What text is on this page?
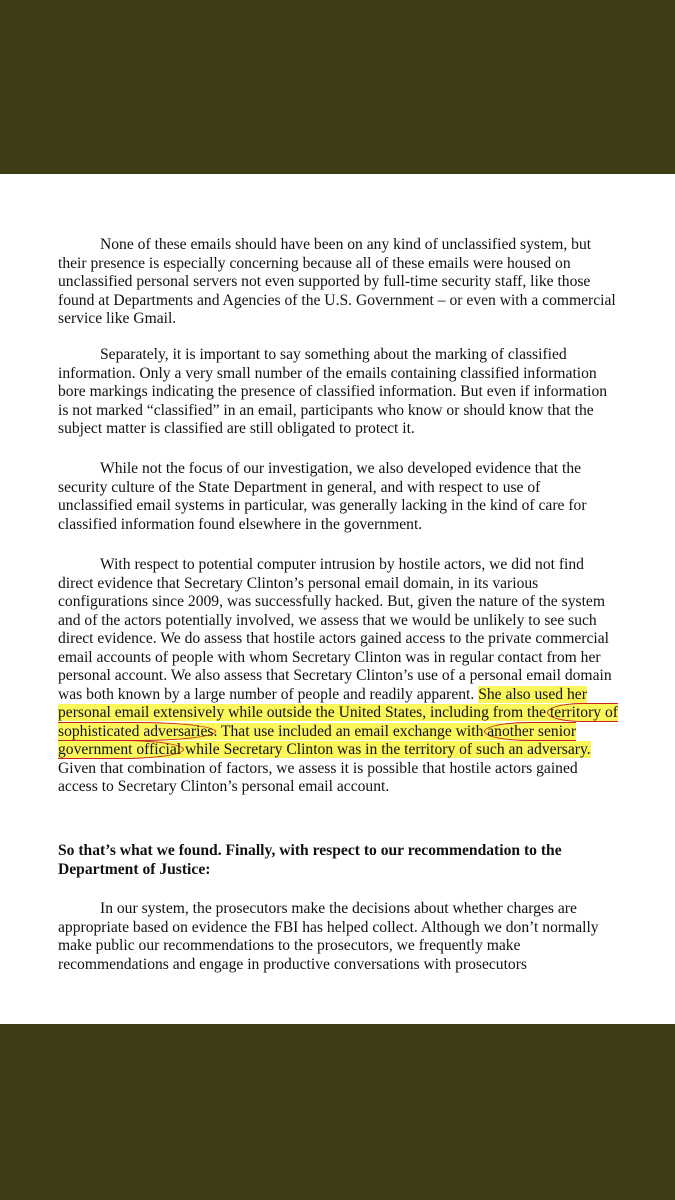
None of these emails should have been on any kind of unclassified system, but their presence is especially concerning because all of these emails were housed on unclassified personal servers not even supported by full-time security staff, like those found at Departments and Agencies of the U.S. Government – or even with a commercial service like Gmail.

Separately, it is important to say something about the marking of classified information. Only a very small number of the emails containing classified information bore markings indicating the presence of classified information. But even if information is not marked “classified” in an email, participants who know or should know that the subject matter is classified are still obligated to protect it.

While not the focus of our investigation, we also developed evidence that the security culture of the State Department in general, and with respect to use of unclassified email systems in particular, was generally lacking in the kind of care for classified information found elsewhere in the government.

With respect to potential computer intrusion by hostile actors, we did not find direct evidence that Secretary Clinton’s personal email domain, in its various configurations since 2009, was successfully hacked. But, given the nature of the system and of the actors potentially involved, we assess that we would be unlikely to see such direct evidence. We do assess that hostile actors gained access to the private commercial email accounts of people with whom Secretary Clinton was in regular contact from her personal account. We also assess that Secretary Clinton’s use of a personal email domain was both known by a large number of people and readily apparent. She also used her personal email extensively while outside the United States, including from the territory of sophisticated adversaries. That use included an email exchange with another senior government official while Secretary Clinton was in the territory of such an adversary. Given that combination of factors, we assess it is possible that hostile actors gained access to Secretary Clinton’s personal email account.

So that’s what we found. Finally, with respect to our recommendation to the Department of Justice:

In our system, the prosecutors make the decisions about whether charges are appropriate based on evidence the FBI has helped collect. Although we don’t normally make public our recommendations to the prosecutors, we frequently make recommendations and engage in productive conversations with prosecutors
